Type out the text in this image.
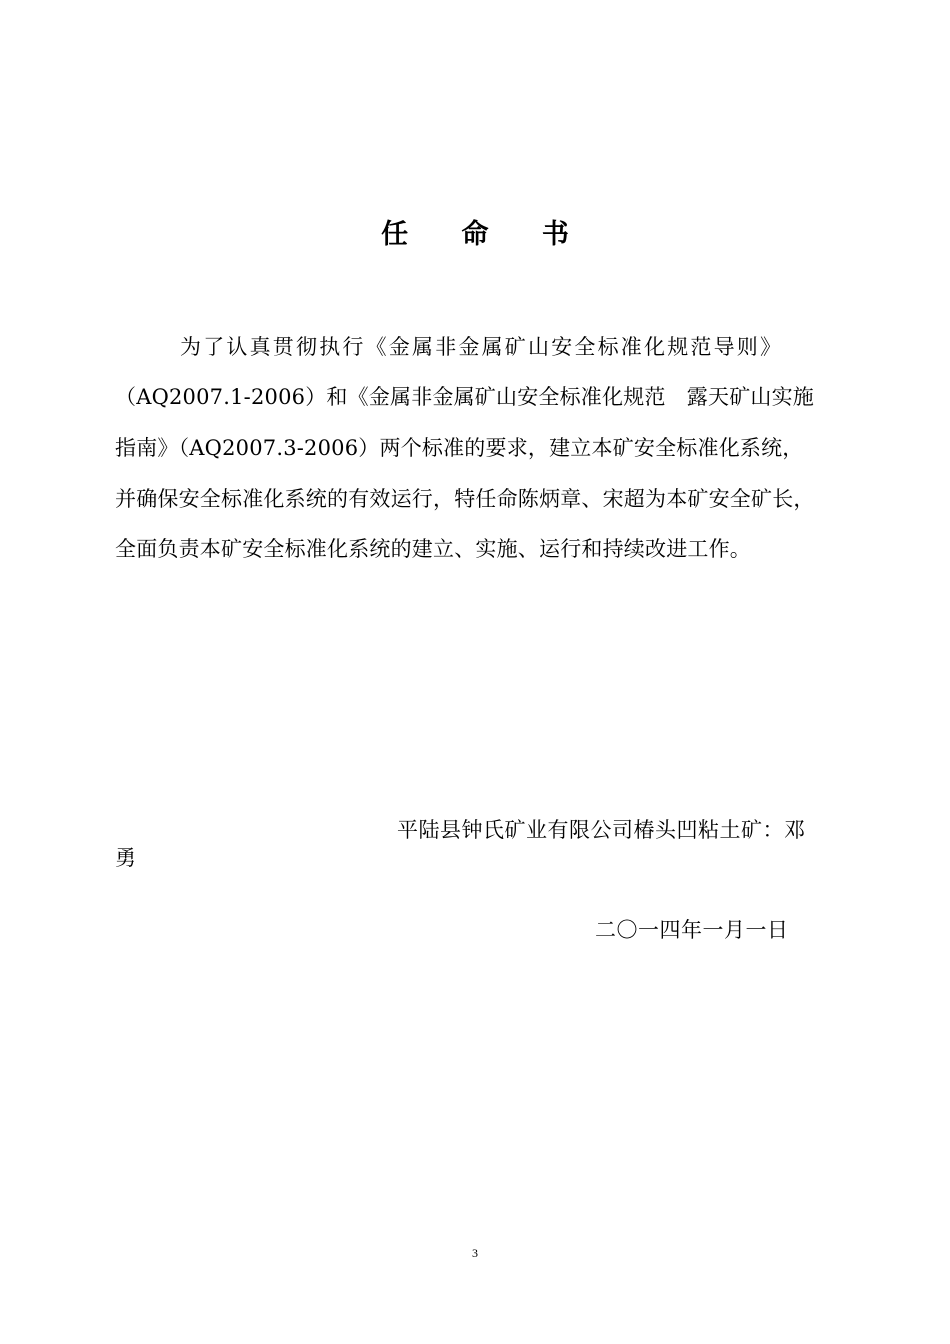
任 命 书
为了认真贯彻执行《金属非金属矿山安全标准化规范导则》
（AQ2007.1-2006）和《金属非金属矿山安全标准化规范　露天矿山实施
指南》（AQ2007.3-2006）两个标准的要求，建立本矿安全标准化系统，
并确保安全标准化系统的有效运行，特任命陈炳章、宋超为本矿安全矿长，
全面负责本矿安全标准化系统的建立、实施、运行和持续改进工作。
平陆县钟氏矿业有限公司椿头凹粘土矿：邓
勇
二〇一四年一月一日
3
